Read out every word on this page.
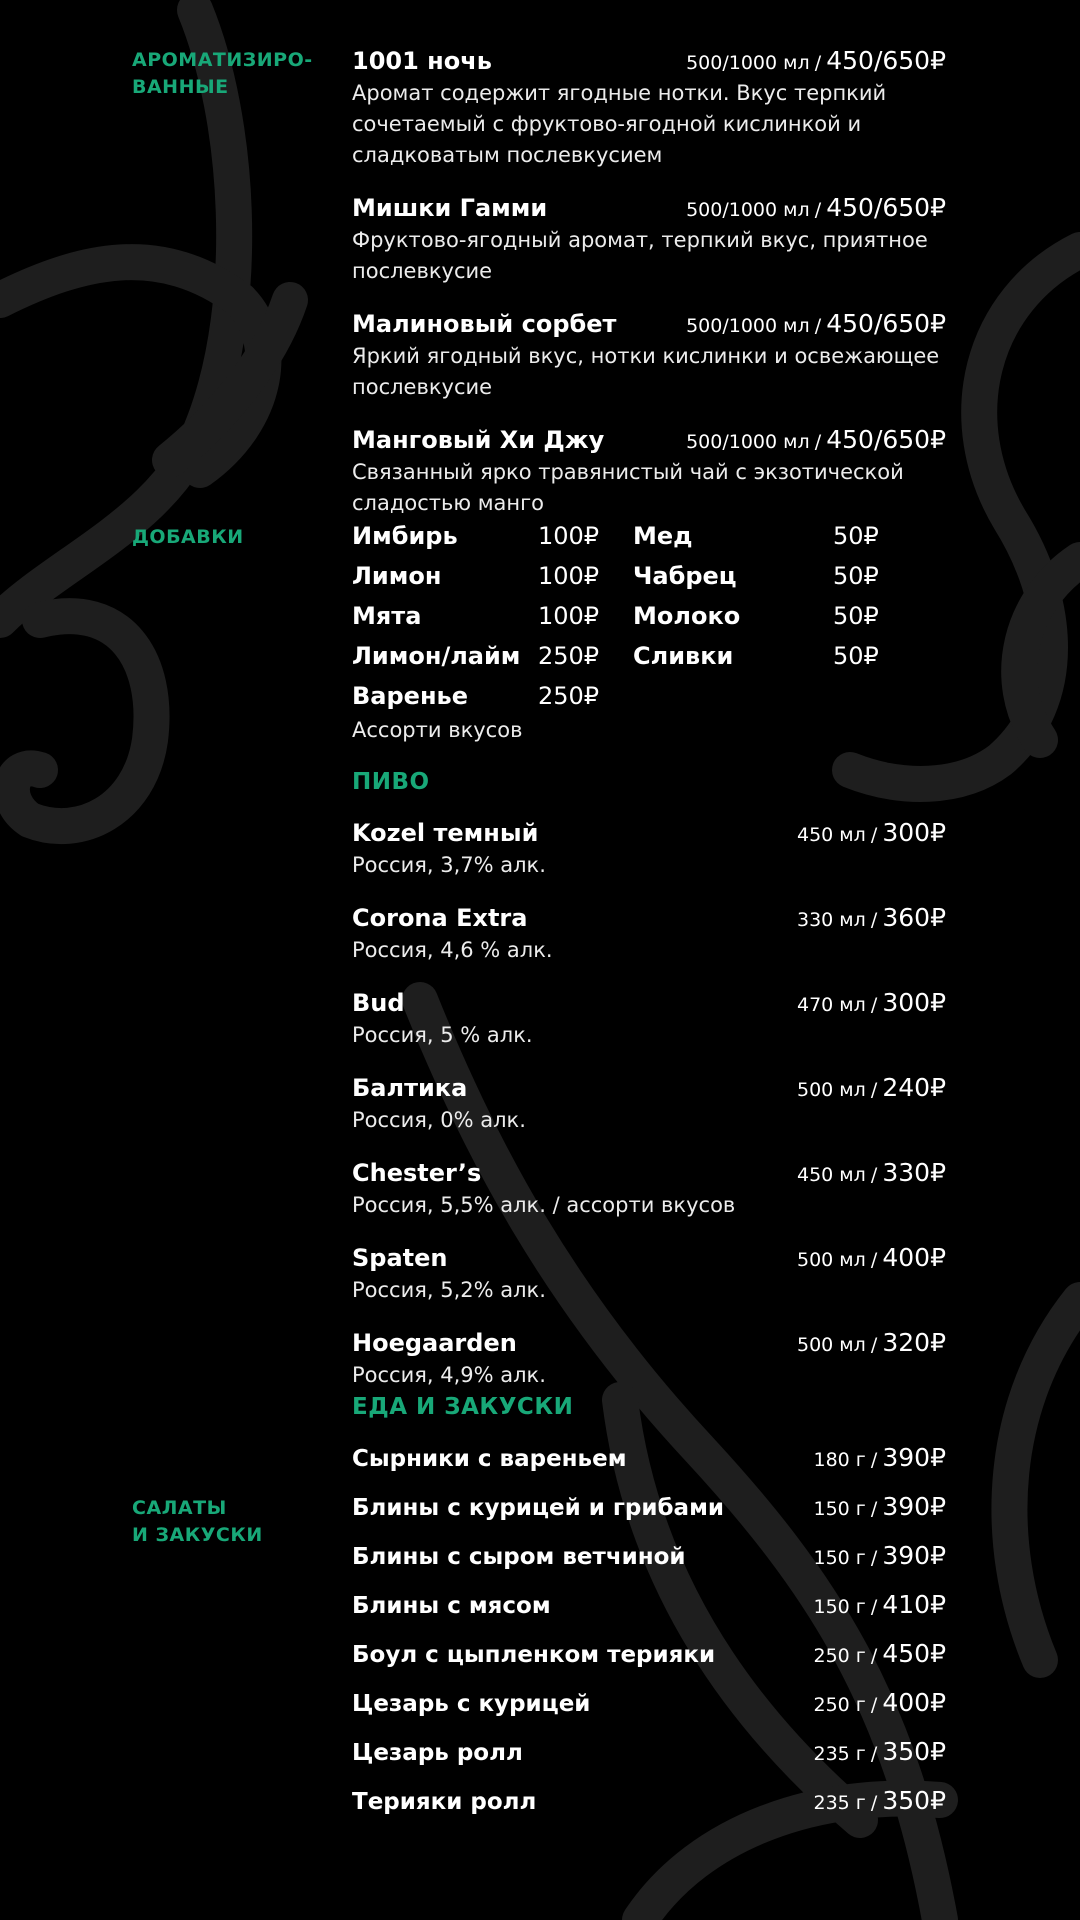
АРОМАТИЗИРО-
ВАННЫЕ
1001 ночь	500/1000 мл / 450/650₽
Аромат содержит ягодные нотки. Вкус терпкий сочетаемый с фруктово-ягодной кислинкой и сладковатым послевкусием
Мишки Гамми	500/1000 мл / 450/650₽
Фруктово-ягодный аромат, терпкий вкус, приятное послевкусие
Малиновый сорбет	500/1000 мл / 450/650₽
Яркий ягодный вкус, нотки кислинки и освежающее послевкусие
Манговый Хи Джу	500/1000 мл / 450/650₽
Связанный ярко травянистый чай с экзотической сладостью манго
ДОБАВКИ	Имбирь	100₽	Мед	50₽
Лимон	100₽	Чабрец	50₽
Мята	100₽	Молоко	50₽
Лимон/лайм 250₽	Сливки	50₽
Варенье	250₽
Ассорти вкусов
ПИВО
Kozel темный	450 мл / 300₽
Россия, 3,7% алк.
Corona Extra	330 мл / 360₽
Россия, 4,6 % алк.
Bud	470 мл / 300₽
Россия, 5 % алк.
Балтика	500 мл / 240₽
Россия, 0% алк.
Chester’s	450 мл / 330₽
Россия, 5,5% алк. / ассорти вкусов
Spaten	500 мл / 400₽
Россия, 5,2% алк.
Hoegaarden	500 мл / 320₽
Россия, 4,9% алк.
ЕДА И ЗАКУСКИ
САЛАТЫ
И ЗАКУСКИ
Сырники с вареньем	180 г / 390₽
Блины с курицей и грибами	150 г / 390₽
Блины с сыром ветчиной	150 г / 390₽
Блины с мясом	150 г / 410₽
Боул с цыпленком терияки	250 г / 450₽
Цезарь с курицей	250 г / 400₽
Цезарь ролл	235 г / 350₽
Терияки ролл	235 г / 350₽
